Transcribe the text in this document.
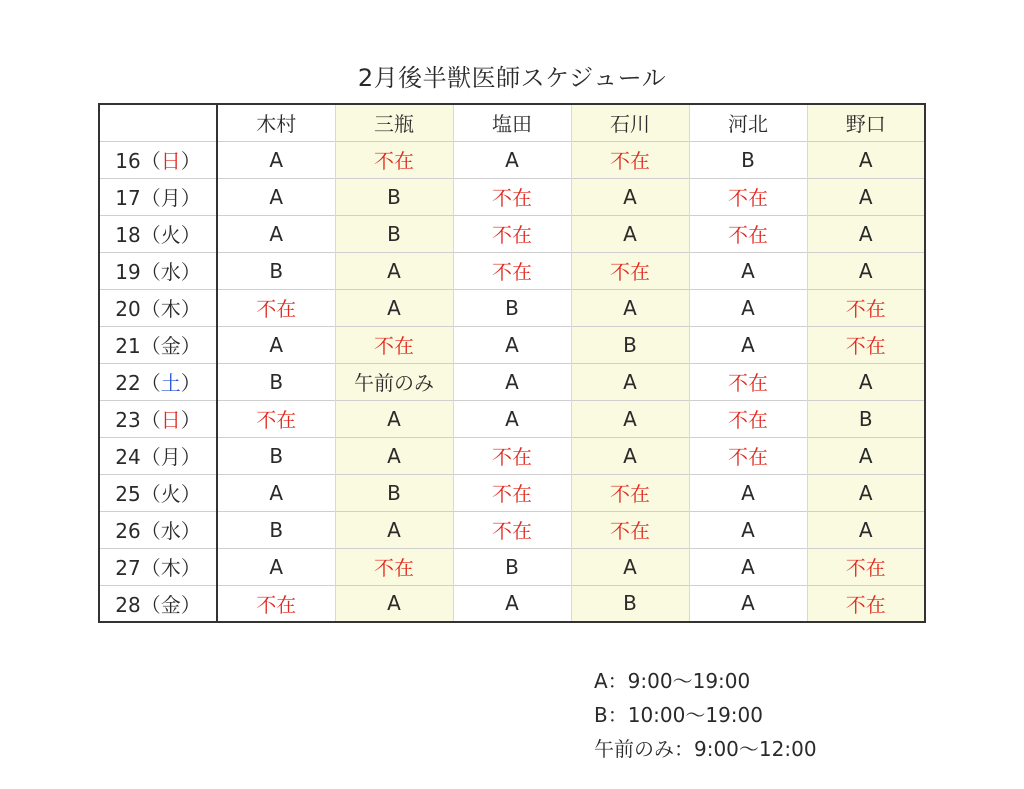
2月後半獣医師スケジュール
	木村	三瓶	塩田	石川	河北	野口
16（日）	A	不在	A	不在	B	A
17（月）	A	B	不在	A	不在	A
18（火）	A	B	不在	A	不在	A
19（水）	B	A	不在	不在	A	A
20（木）	不在	A	B	A	A	不在
21（金）	A	不在	A	B	A	不在
22（土）	B	午前のみ	A	A	不在	A
23（日）	不在	A	A	A	不在	B
24（月）	B	A	不在	A	不在	A
25（火）	A	B	不在	不在	A	A
26（水）	B	A	不在	不在	A	A
27（木）	A	不在	B	A	A	不在
28（金）	不在	A	A	B	A	不在
A：9:00〜19:00
B：10:00〜19:00
午前のみ：9:00〜12:00
